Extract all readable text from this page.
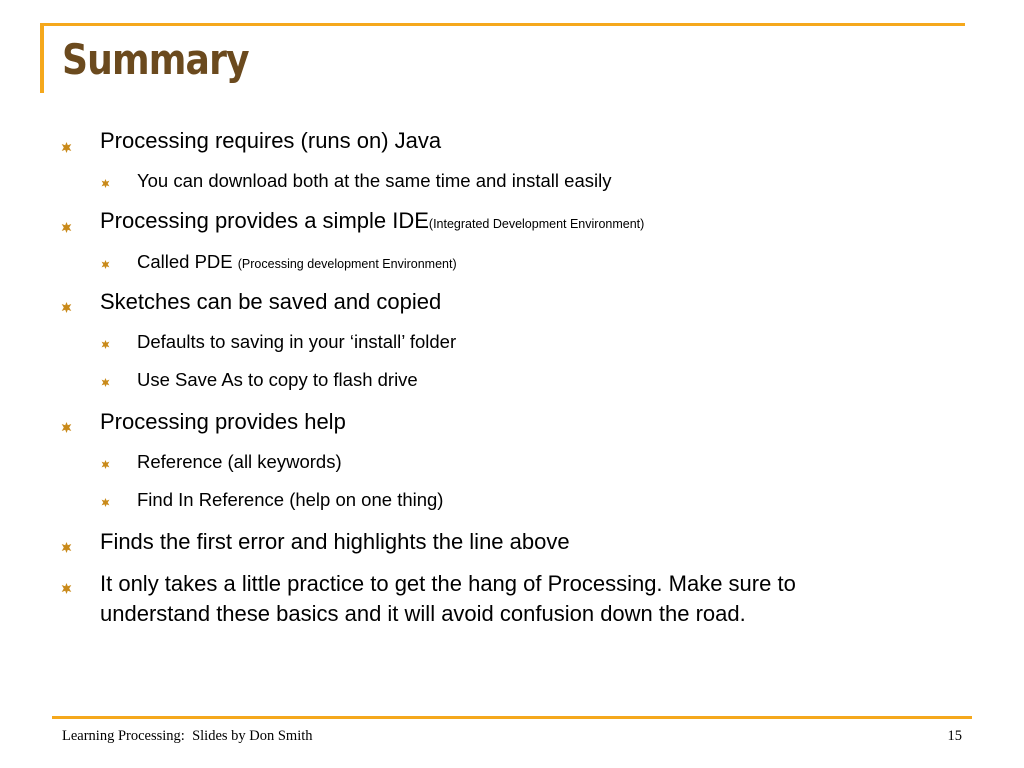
Summary
Processing requires (runs on) Java
You can download both at the same time and install easily
Processing provides a simple IDE(Integrated Development Environment)
Called PDE (Processing development Environment)
Sketches can be saved and copied
Defaults to saving in your ‘install’ folder
Use Save As to copy to flash drive
Processing provides help
Reference (all keywords)
Find In Reference (help on one thing)
Finds the first error and highlights the line above
It only takes a little practice to get the hang of Processing. Make sure to
understand these basics and it will avoid confusion down the road.
Learning Processing:  Slides by Don Smith	15
